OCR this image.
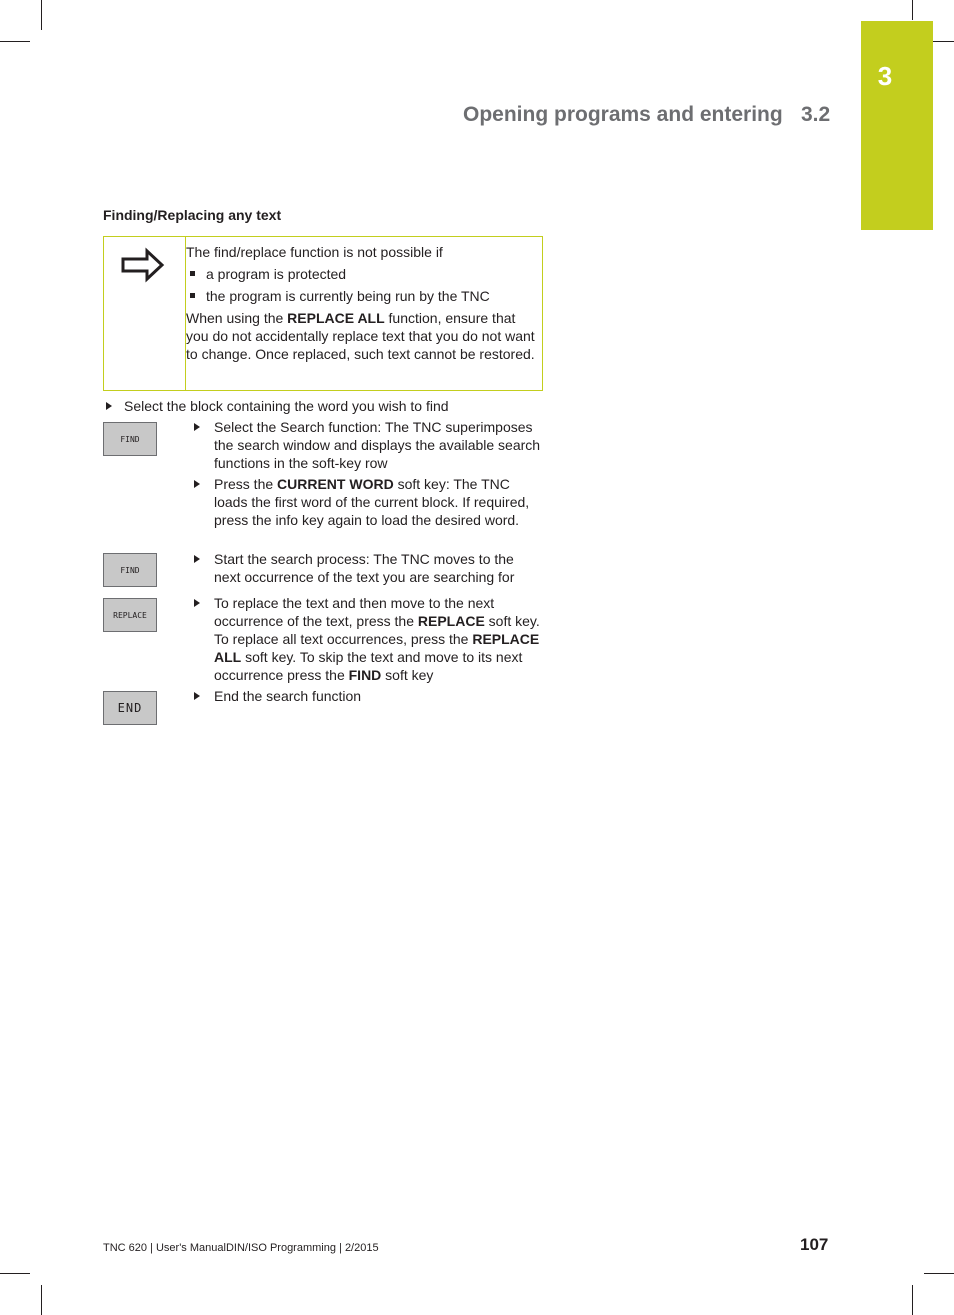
3
Opening programs and entering 3.2
Finding/Replacing any text

The find/replace function is not possible if

a program is protected
the program is currently being run by the TNC

When using the REPLACE ALL function, ensure that you do not accidentally replace text that you do not want to change. Once replaced, such text cannot be restored.

Select the block containing the word you wish to find
FIND
Select the Search function: The TNC superimposes the search window and displays the available search functions in the soft-key row
Press the CURRENT WORD soft key: The TNC loads the first word of the current block. If required, press the info key again to load the desired word.
FIND
Start the search process: The TNC moves to the next occurrence of the text you are searching for
REPLACE
To replace the text and then move to the next occurrence of the text, press the REPLACE soft key. To replace all text occurrences, press the REPLACE ALL soft key. To skip the text and move to its next occurrence press the FIND soft key
END
End the search function
TNC 620 | User's ManualDIN/ISO Programming | 2/2015	107
